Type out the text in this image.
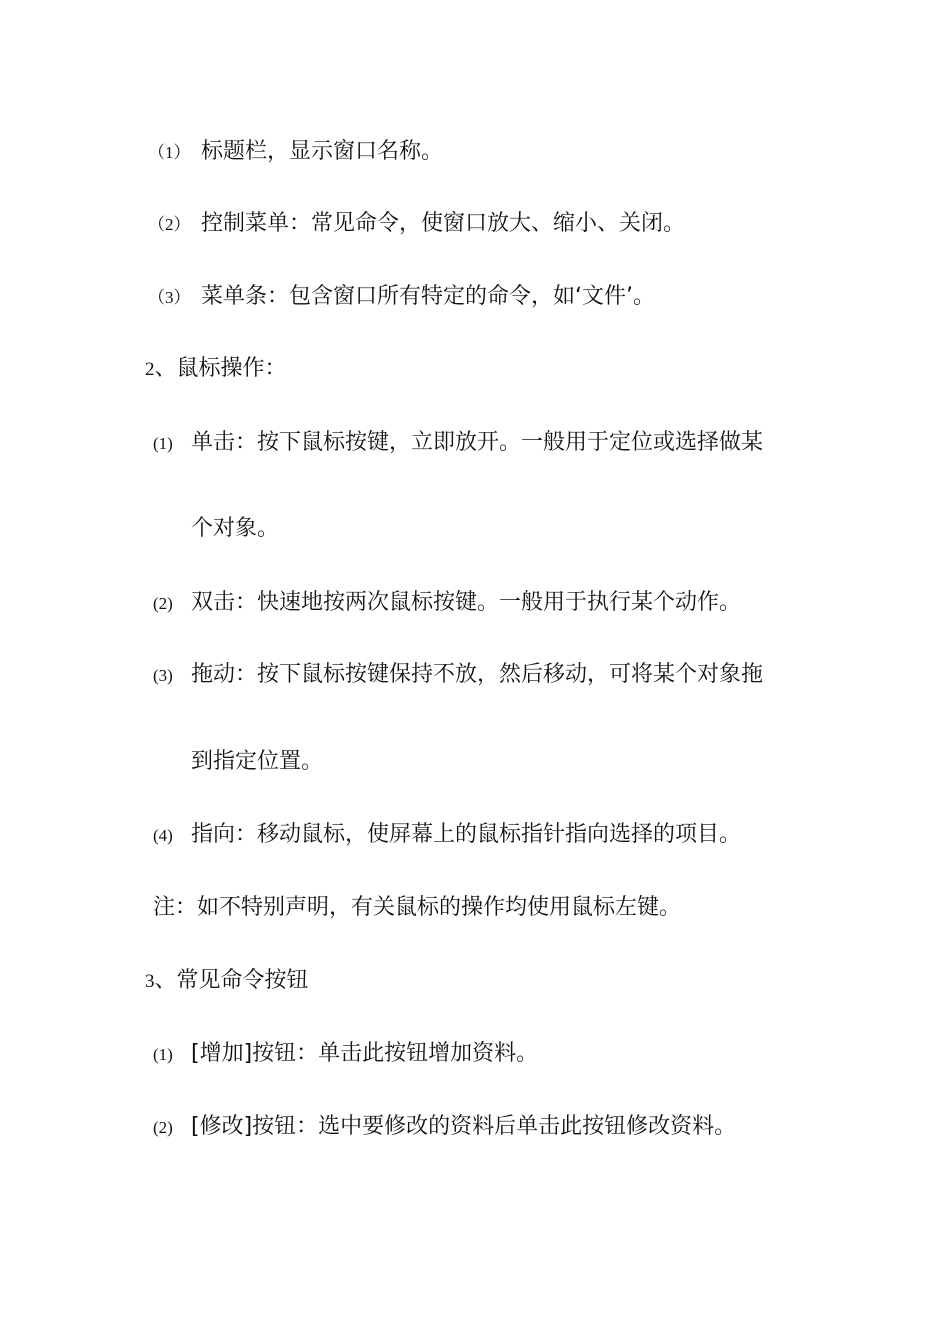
（1） 标题栏，显示窗口名称。
（2） 控制菜单：常见命令，使窗口放大、缩小、关闭。
（3） 菜单条：包含窗口所有特定的命令，如‘文件’。
2、鼠标操作：
(1) 单击：按下鼠标按键，立即放开。一般用于定位或选择做某
个对象。
(2) 双击：快速地按两次鼠标按键。一般用于执行某个动作。
(3) 拖动：按下鼠标按键保持不放，然后移动，可将某个对象拖
到指定位置。
(4) 指向：移动鼠标，使屏幕上的鼠标指针指向选择的项目。
注：如不特别声明，有关鼠标的操作均使用鼠标左键。
3、常见命令按钮
(1) [增加]按钮：单击此按钮增加资料。
(2) [修改]按钮：选中要修改的资料后单击此按钮修改资料。
